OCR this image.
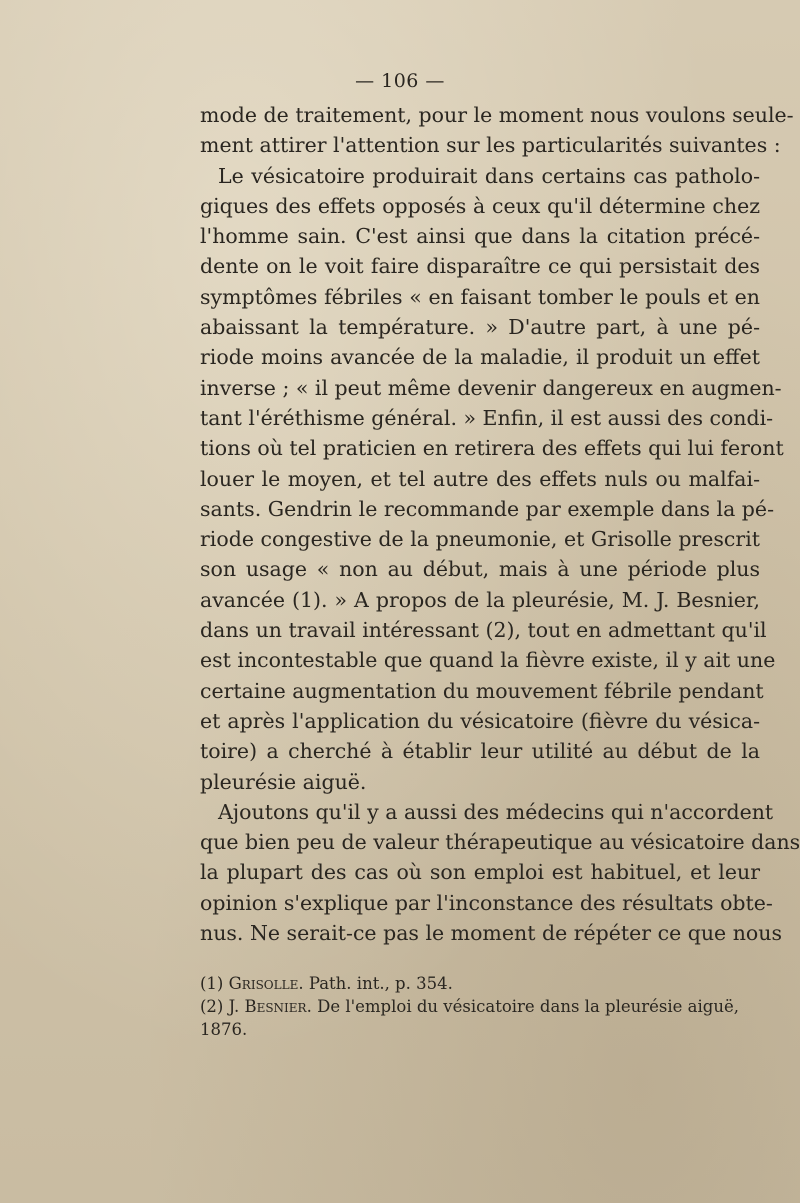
— 106 —
mode de traitement, pour le moment nous voulons seule-
ment attirer l'attention sur les particularités suivantes :
Le vésicatoire produirait dans certains cas patholo-
giques des effets opposés à ceux qu'il détermine chez
l'homme sain. C'est ainsi que dans la citation précé-
dente on le voit faire disparaître ce qui persistait des
symptômes fébriles « en faisant tomber le pouls et en
abaissant la température. » D'autre part, à une pé-
riode moins avancée de la maladie, il produit un effet
inverse ; « il peut même devenir dangereux en augmen-
tant l'éréthisme général. » Enfin, il est aussi des condi-
tions où tel praticien en retirera des effets qui lui feront
louer le moyen, et tel autre des effets nuls ou malfai-
sants. Gendrin le recommande par exemple dans la pé-
riode congestive de la pneumonie, et Grisolle prescrit
son usage « non au début, mais à une période plus
avancée (1). » A propos de la pleurésie, M. J. Besnier,
dans un travail intéressant (2), tout en admettant qu'il
est incontestable que quand la fièvre existe, il y ait une
certaine augmentation du mouvement fébrile pendant
et après l'application du vésicatoire (fièvre du vésica-
toire) a cherché à établir leur utilité au début de la
pleurésie aiguë.
Ajoutons qu'il y a aussi des médecins qui n'accordent
que bien peu de valeur thérapeutique au vésicatoire dans
la plupart des cas où son emploi est habituel, et leur
opinion s'explique par l'inconstance des résultats obte-
nus. Ne serait-ce pas le moment de répéter ce que nous
(1) Grisolle. Path. int., p. 354.
(2) J. Besnier. De l'emploi du vésicatoire dans la pleurésie aiguë,
1876.
